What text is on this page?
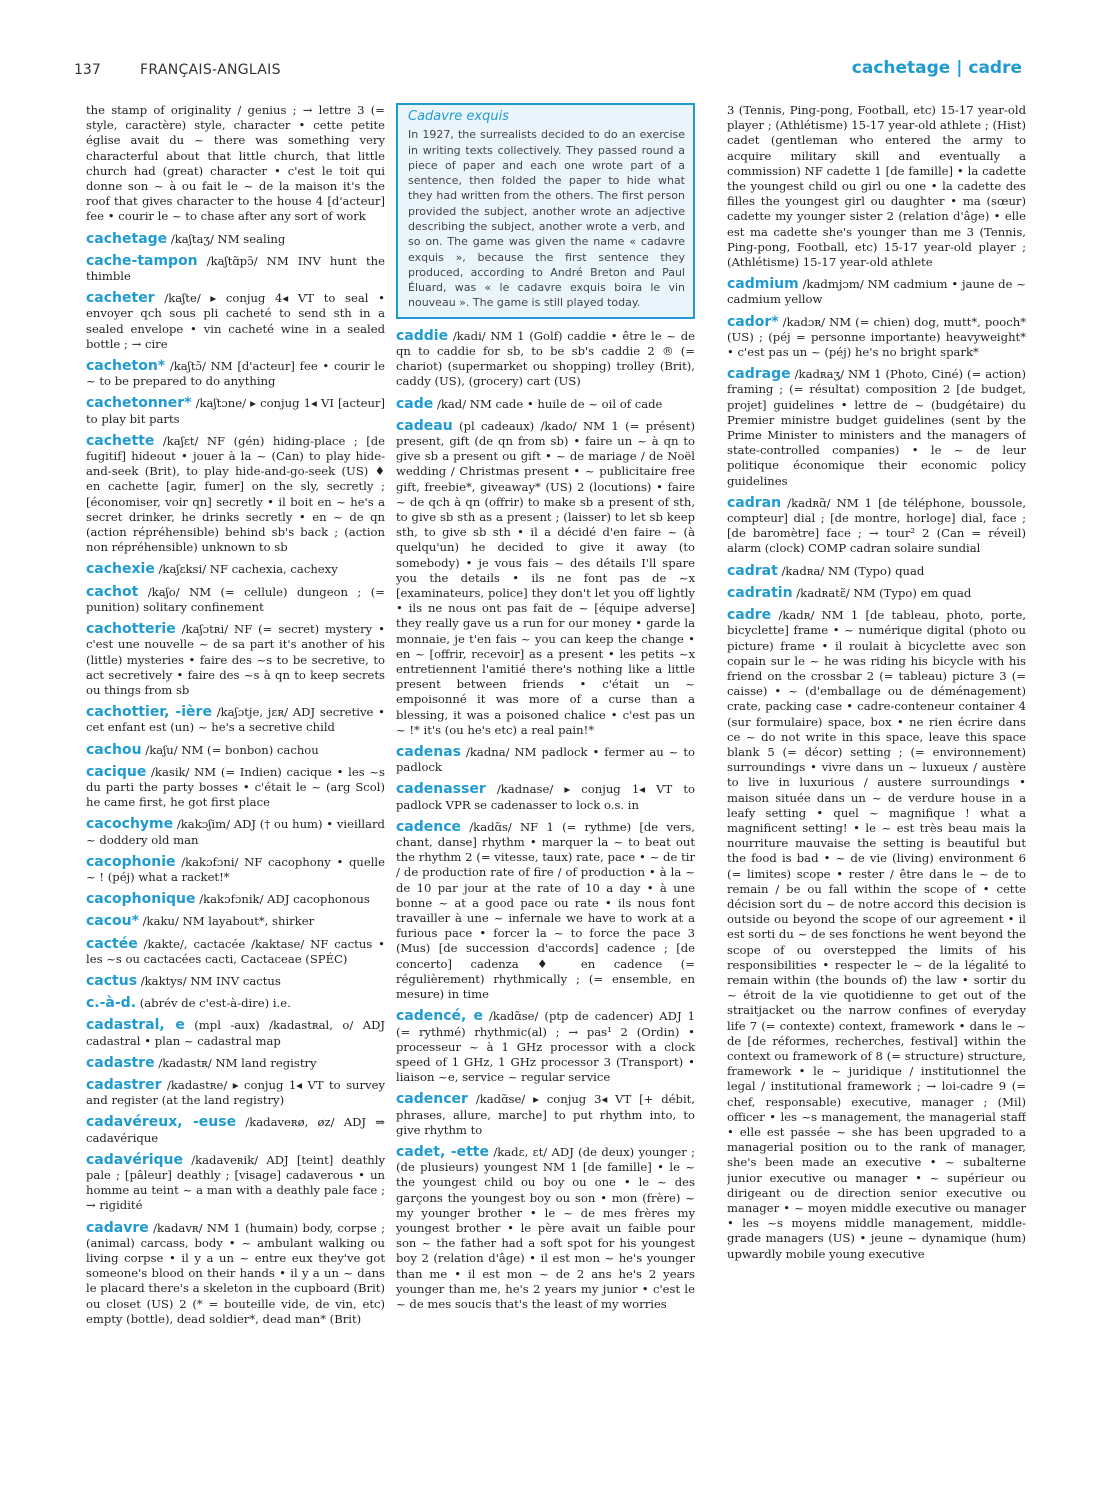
137	FRANÇAIS-ANGLAIS	cachetage | cadre

the stamp of originality / genius ; → lettre 3 (= style, caractère) style, character • cette petite église avait du ~ there was something very characterful about that little church, that little church had (great) character • c'est le toit qui donne son ~ à ou fait le ~ de la maison it's the roof that gives character to the house 4 [d'acteur] fee • courir le ~ to chase after any sort of work

cachetage /kaʃtaʒ/ NM sealing

cache-tampon /kaʃtɑ̃pɔ̃/ NM INV hunt the thimble

cacheter /kaʃte/ ▸ conjug 4◂ VT to seal • envoyer qch sous pli cacheté to send sth in a sealed envelope • vin cacheté wine in a sealed bottle ; → cire

cacheton* /kaʃtɔ̃/ NM [d'acteur] fee • courir le ~ to be prepared to do anything

cachetonner* /kaʃtɔne/ ▸ conjug 1◂ VI [acteur] to play bit parts

cachette /kaʃɛt/ NF (gén) hiding-place ; [de fugitif] hideout • jouer à la ~ (Can) to play hide-and-seek (Brit), to play hide-and-go-seek (US) ♦ en cachette [agir, fumer] on the sly, secretly ; [économiser, voir qn] secretly • il boit en ~ he's a secret drinker, he drinks secretly • en ~ de qn (action répréhensible) behind sb's back ; (action non répréhensible) unknown to sb

cachexie /kaʃɛksi/ NF cachexia, cachexy

cachot /kaʃo/ NM (= cellule) dungeon ; (= punition) solitary confinement

cachotterie /kaʃɔtʀi/ NF (= secret) mystery • c'est une nouvelle ~ de sa part it's another of his (little) mysteries • faire des ~s to be secretive, to act secretively • faire des ~s à qn to keep secrets ou things from sb

cachottier, -ière /kaʃɔtje, jɛʀ/ ADJ secretive • cet enfant est (un) ~ he's a secretive child

cachou /kaʃu/ NM (= bonbon) cachou

cacique /kasik/ NM (= Indien) cacique • les ~s du parti the party bosses • c'était le ~ (arg Scol) he came first, he got first place

cacochyme /kakɔʃim/ ADJ († ou hum) • vieillard ~ doddery old man

cacophonie /kakɔfɔni/ NF cacophony • quelle ~ ! (péj) what a racket!*

cacophonique /kakɔfɔnik/ ADJ cacophonous

cacou* /kaku/ NM layabout*, shirker

cactée /kakte/, cactacée /kaktase/ NF cactus • les ~s ou cactacées cacti, Cactaceae (SPÉC)

cactus /kaktys/ NM INV cactus

c.-à-d. (abrév de c'est-à-dire) i.e.

cadastral, e (mpl -aux) /kadastʀal, o/ ADJ cadastral • plan ~ cadastral map

cadastre /kadastʀ/ NM land registry

cadastrer /kadastʀe/ ▸ conjug 1◂ VT to survey and register (at the land registry)

cadavéreux, -euse /kadaveʀø, øz/ ADJ ⇒ cadavérique

cadavérique /kadaveʀik/ ADJ [teint] deathly pale ; [pâleur] deathly ; [visage] cadaverous • un homme au teint ~ a man with a deathly pale face ; → rigidité

cadavre /kadavʀ/ NM 1 (humain) body, corpse ; (animal) carcass, body • ~ ambulant walking ou living corpse • il y a un ~ entre eux they've got someone's blood on their hands • il y a un ~ dans le placard there's a skeleton in the cupboard (Brit) ou closet (US) 2 (* = bouteille vide, de vin, etc) empty (bottle), dead soldier*, dead man* (Brit)

Cadavre exquis
In 1927, the surrealists decided to do an exercise in writing texts collectively. They passed round a piece of paper and each one wrote part of a sentence, then folded the paper to hide what they had written from the others. The first person provided the subject, another wrote an adjective describing the subject, another wrote a verb, and so on. The game was given the name « cadavre exquis », because the first sentence they produced, according to André Breton and Paul Éluard, was « le cadavre exquis boira le vin nouveau ». The game is still played today.

caddie /kadi/ NM 1 (Golf) caddie • être le ~ de qn to caddie for sb, to be sb's caddie 2 ® (= chariot) (supermarket ou shopping) trolley (Brit), caddy (US), (grocery) cart (US)

cade /kad/ NM cade • huile de ~ oil of cade

cadeau (pl cadeaux) /kado/ NM 1 (= présent) present, gift (de qn from sb) • faire un ~ à qn to give sb a present ou gift • ~ de mariage / de Noël wedding / Christmas present • ~ publicitaire free gift, freebie*, giveaway* (US) 2 (locutions) • faire ~ de qch à qn (offrir) to make sb a present of sth, to give sb sth as a present ; (laisser) to let sb keep sth, to give sb sth • il a décidé d'en faire ~ (à quelqu'un) he decided to give it away (to somebody) • je vous fais ~ des détails I'll spare you the details • ils ne font pas de ~x [examinateurs, police] they don't let you off lightly • ils ne nous ont pas fait de ~ [équipe adverse] they really gave us a run for our money • garde la monnaie, je t'en fais ~ you can keep the change • en ~ [offrir, recevoir] as a present • les petits ~x entretiennent l'amitié there's nothing like a little present between friends • c'était un ~ empoisonné it was more of a curse than a blessing, it was a poisoned chalice • c'est pas un ~ !* it's (ou he's etc) a real pain!*

cadenas /kadna/ NM padlock • fermer au ~ to padlock

cadenasser /kadnase/ ▸ conjug 1◂ VT to padlock VPR se cadenasser to lock o.s. in

cadence /kadɑ̃s/ NF 1 (= rythme) [de vers, chant, danse] rhythm • marquer la ~ to beat out the rhythm 2 (= vitesse, taux) rate, pace • ~ de tir / de production rate of fire / of production • à la ~ de 10 par jour at the rate of 10 a day • à une bonne ~ at a good pace ou rate • ils nous font travailler à une ~ infernale we have to work at a furious pace • forcer la ~ to force the pace 3 (Mus) [de succession d'accords] cadence ; [de concerto] cadenza ♦ en cadence (= régulièrement) rhythmically ; (= ensemble, en mesure) in time

cadencé, e /kadɑ̃se/ (ptp de cadencer) ADJ 1 (= rythmé) rhythmic(al) ; → pas¹ 2 (Ordin) • processeur ~ à 1 GHz processor with a clock speed of 1 GHz, 1 GHz processor 3 (Transport) • liaison ~e, service ~ regular service

cadencer /kadɑ̃se/ ▸ conjug 3◂ VT [+ débit, phrases, allure, marche] to put rhythm into, to give rhythm to

cadet, -ette /kadɛ, ɛt/ ADJ (de deux) younger ; (de plusieurs) youngest NM 1 [de famille] • le ~ the youngest child ou boy ou one • le ~ des garçons the youngest boy ou son • mon (frère) ~ my younger brother • le ~ de mes frères my youngest brother • le père avait un faible pour son ~ the father had a soft spot for his youngest boy 2 (relation d'âge) • il est mon ~ he's younger than me • il est mon ~ de 2 ans he's 2 years younger than me, he's 2 years my junior • c'est le ~ de mes soucis that's the least of my worries

3 (Tennis, Ping-pong, Football, etc) 15-17 year-old player ; (Athlétisme) 15-17 year-old athlete ; (Hist) cadet (gentleman who entered the army to acquire military skill and eventually a commission) NF cadette 1 [de famille] • la cadette the youngest child ou girl ou one • la cadette des filles the youngest girl ou daughter • ma (sœur) cadette my younger sister 2 (relation d'âge) • elle est ma cadette she's younger than me 3 (Tennis, Ping-pong, Football, etc) 15-17 year-old player ; (Athlétisme) 15-17 year-old athlete

cadmium /kadmjɔm/ NM cadmium • jaune de ~ cadmium yellow

cador* /kadɔʀ/ NM (= chien) dog, mutt*, pooch* (US) ; (péj = personne importante) heavyweight* • c'est pas un ~ (péj) he's no bright spark*

cadrage /kadʀaʒ/ NM 1 (Photo, Ciné) (= action) framing ; (= résultat) composition 2 [de budget, projet] guidelines • lettre de ~ (budgétaire) du Premier ministre budget guidelines (sent by the Prime Minister to ministers and the managers of state-controlled companies) • le ~ de leur politique économique their economic policy guidelines

cadran /kadʀɑ̃/ NM 1 [de téléphone, boussole, compteur] dial ; [de montre, horloge] dial, face ; [de baromètre] face ; → tour² 2 (Can = réveil) alarm (clock) COMP cadran solaire sundial

cadrat /kadʀa/ NM (Typo) quad

cadratin /kadʀatɛ̃/ NM (Typo) em quad

cadre /kadʀ/ NM 1 [de tableau, photo, porte, bicyclette] frame • ~ numérique digital (photo ou picture) frame • il roulait à bicyclette avec son copain sur le ~ he was riding his bicycle with his friend on the crossbar 2 (= tableau) picture 3 (= caisse) • ~ (d'emballage ou de déménagement) crate, packing case • cadre-conteneur container 4 (sur formulaire) space, box • ne rien écrire dans ce ~ do not write in this space, leave this space blank 5 (= décor) setting ; (= environnement) surroundings • vivre dans un ~ luxueux / austère to live in luxurious / austere surroundings • maison située dans un ~ de verdure house in a leafy setting • quel ~ magnifique ! what a magnificent setting! • le ~ est très beau mais la nourriture mauvaise the setting is beautiful but the food is bad • ~ de vie (living) environment 6 (= limites) scope • rester / être dans le ~ de to remain / be ou fall within the scope of • cette décision sort du ~ de notre accord this decision is outside ou beyond the scope of our agreement • il est sorti du ~ de ses fonctions he went beyond the scope of ou overstepped the limits of his responsibilities • respecter le ~ de la légalité to remain within (the bounds of) the law • sortir du ~ étroit de la vie quotidienne to get out of the straitjacket ou the narrow confines of everyday life 7 (= contexte) context, framework • dans le ~ de [de réformes, recherches, festival] within the context ou framework of 8 (= structure) structure, framework • le ~ juridique / institutionnel the legal / institutional framework ; → loi-cadre 9 (= chef, responsable) executive, manager ; (Mil) officer • les ~s management, the managerial staff • elle est passée ~ she has been upgraded to a managerial position ou to the rank of manager, she's been made an executive • ~ subalterne junior executive ou manager • ~ supérieur ou dirigeant ou de direction senior executive ou manager • ~ moyen middle executive ou manager • les ~s moyens middle management, middle-grade managers (US) • jeune ~ dynamique (hum) upwardly mobile young executive
